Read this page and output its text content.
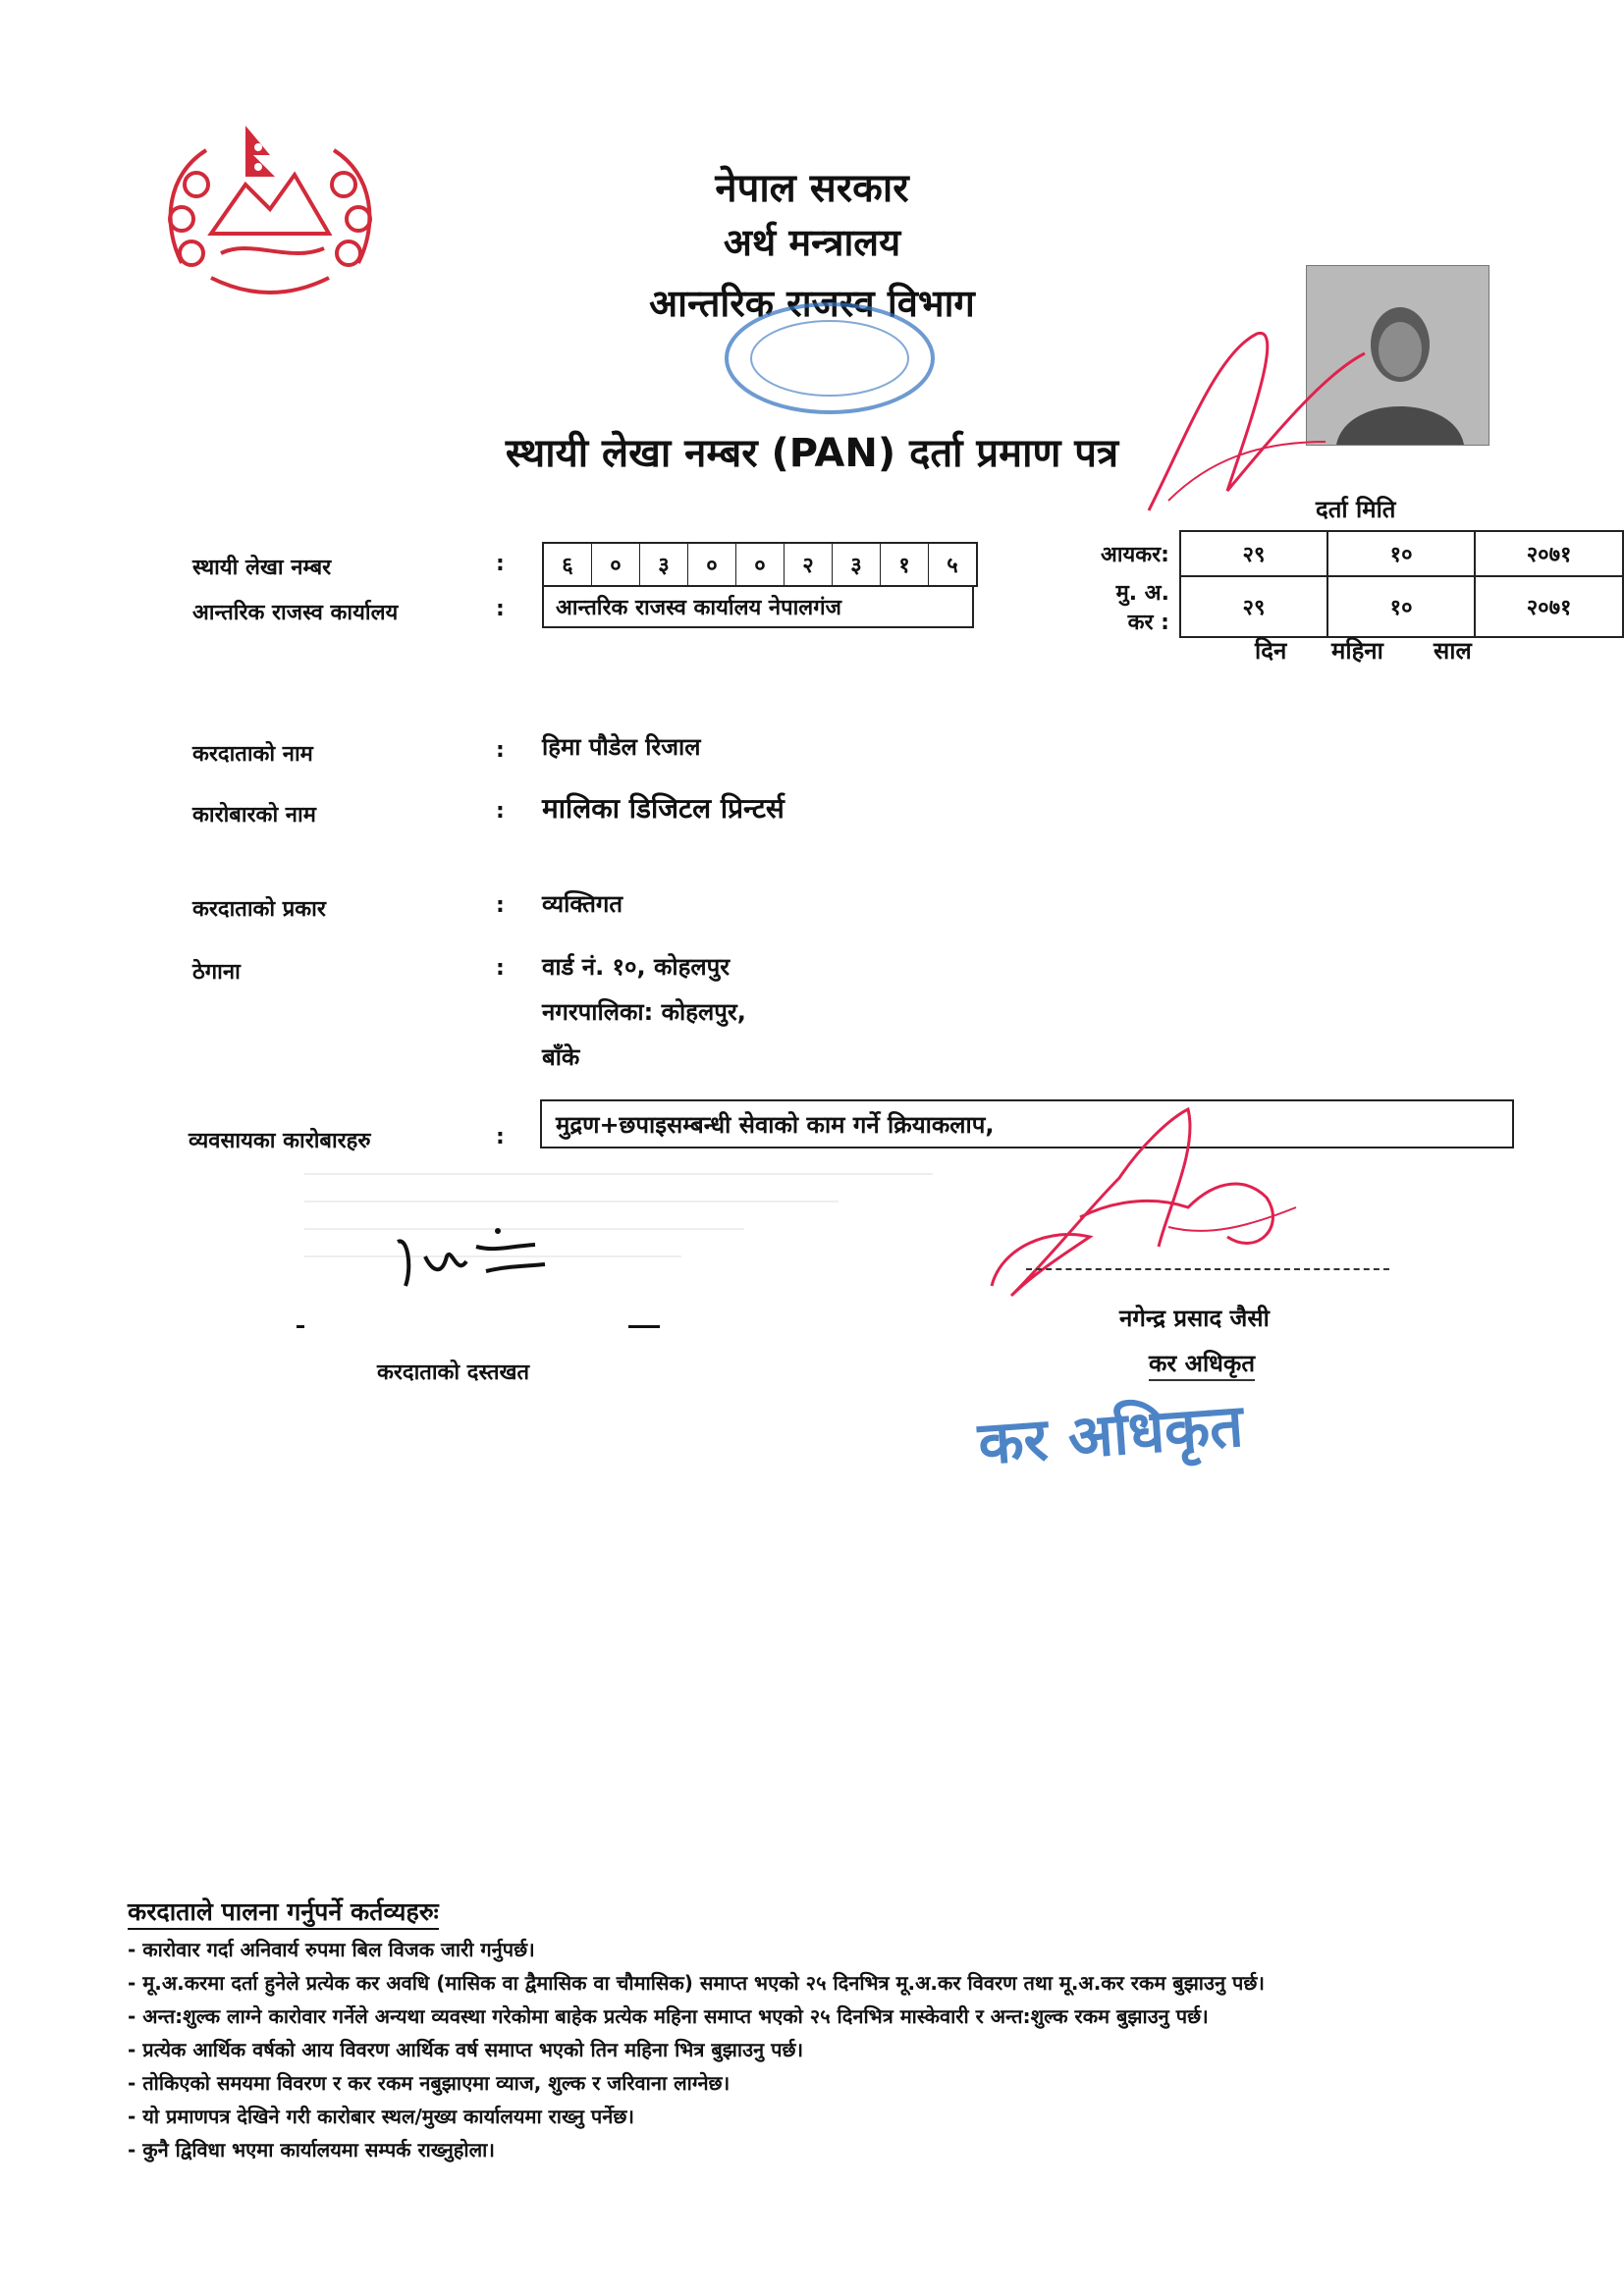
नेपाल सरकार
अर्थ मन्त्रालय
आन्तरिक राजस्व विभाग
स्थायी लेखा नम्बर (PAN) दर्ता प्रमाण पत्र
दर्ता मिति
आयकर:	२९	१०	२०७१
मु. अ. कर :	२९	१०	२०७१
दिन महिना साल
स्थायी लेखा नम्बर	:	६	०	३	०	०	२	३	१	५
आन्तरिक राजस्व कार्यालय	:	आन्तरिक राजस्व कार्यालय नेपालगंज
करदाताको नाम	: हिमा पौडेल रिजाल
कारोबारको नाम	: मालिका डिजिटल प्रिन्टर्स
करदाताको प्रकार	: व्यक्तिगत
ठेगाना	: वार्ड नं. १०, कोहलपुर
नगरपालिका: कोहलपुर,
बाँके
व्यवसायका कारोबारहरु	:	मुद्रण+छपाइसम्बन्धी सेवाको काम गर्ने क्रियाकलाप,
करदाताको दस्तखत
नगेन्द्र प्रसाद जैसी
कर अधिकृत
कर अधिकृत
करदाताले पालना गर्नुपर्ने कर्तव्यहरुः
- कारोवार गर्दा अनिवार्य रुपमा बिल विजक जारी गर्नुपर्छ।
- मू.अ.करमा दर्ता हुनेले प्रत्येक कर अवधि (मासिक वा द्वैमासिक वा चौमासिक) समाप्त भएको २५ दिनभित्र मू.अ.कर विवरण तथा मू.अ.कर रकम बुझाउनु पर्छ।
- अन्त:शुल्क लाग्ने कारोवार गर्नेले अन्यथा व्यवस्था गरेकोमा बाहेक प्रत्येक महिना समाप्त भएको २५ दिनभित्र मास्केवारी र अन्त:शुल्क रकम बुझाउनु पर्छ।
- प्रत्येक आर्थिक वर्षको आय विवरण आर्थिक वर्ष समाप्त भएको तिन महिना भित्र बुझाउनु पर्छ।
- तोकिएको समयमा विवरण र कर रकम नबुझाएमा व्याज, शुल्क र जरिवाना लाग्नेछ।
- यो प्रमाणपत्र देखिने गरी कारोबार स्थल/मुख्य कार्यालयमा राख्नु पर्नेछ।
- कुनै द्विविधा भएमा कार्यालयमा सम्पर्क राख्नुहोला।
